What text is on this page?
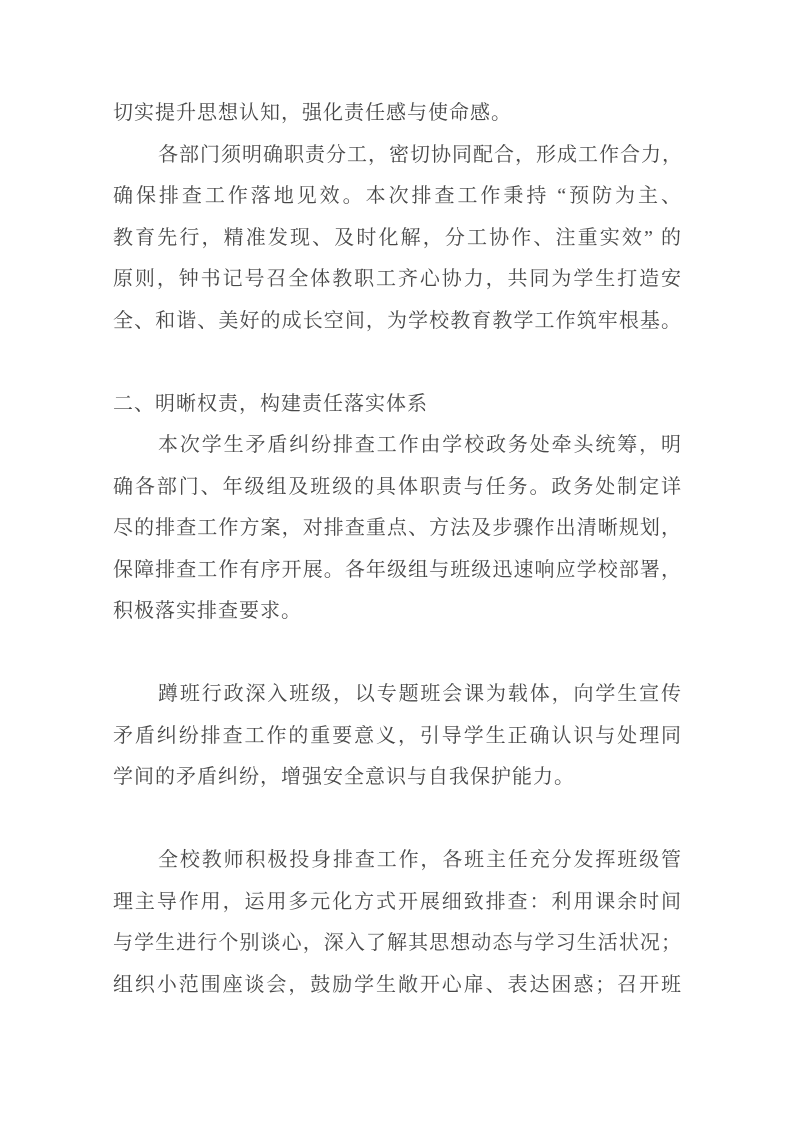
切实提升思想认知，强化责任感与使命感。
各部门须明确职责分工，密切协同配合，形成工作合力，
确保排查工作落地见效。本次排查工作秉持 “预防为主、
教育先行，精准发现、及时化解，分工协作、注重实效” 的
原则，钟书记号召全体教职工齐心协力，共同为学生打造安
全、和谐、美好的成长空间，为学校教育教学工作筑牢根基。
二、明晰权责，构建责任落实体系
本次学生矛盾纠纷排查工作由学校政务处牵头统筹，明
确各部门、年级组及班级的具体职责与任务。政务处制定详
尽的排查工作方案，对排查重点、方法及步骤作出清晰规划，
保障排查工作有序开展。各年级组与班级迅速响应学校部署，
积极落实排查要求。
蹲班行政深入班级，以专题班会课为载体，向学生宣传
矛盾纠纷排查工作的重要意义，引导学生正确认识与处理同
学间的矛盾纠纷，增强安全意识与自我保护能力。
全校教师积极投身排查工作，各班主任充分发挥班级管
理主导作用，运用多元化方式开展细致排查：利用课余时间
与学生进行个别谈心，深入了解其思想动态与学习生活状况；
组织小范围座谈会，鼓励学生敞开心扉、表达困惑；召开班
